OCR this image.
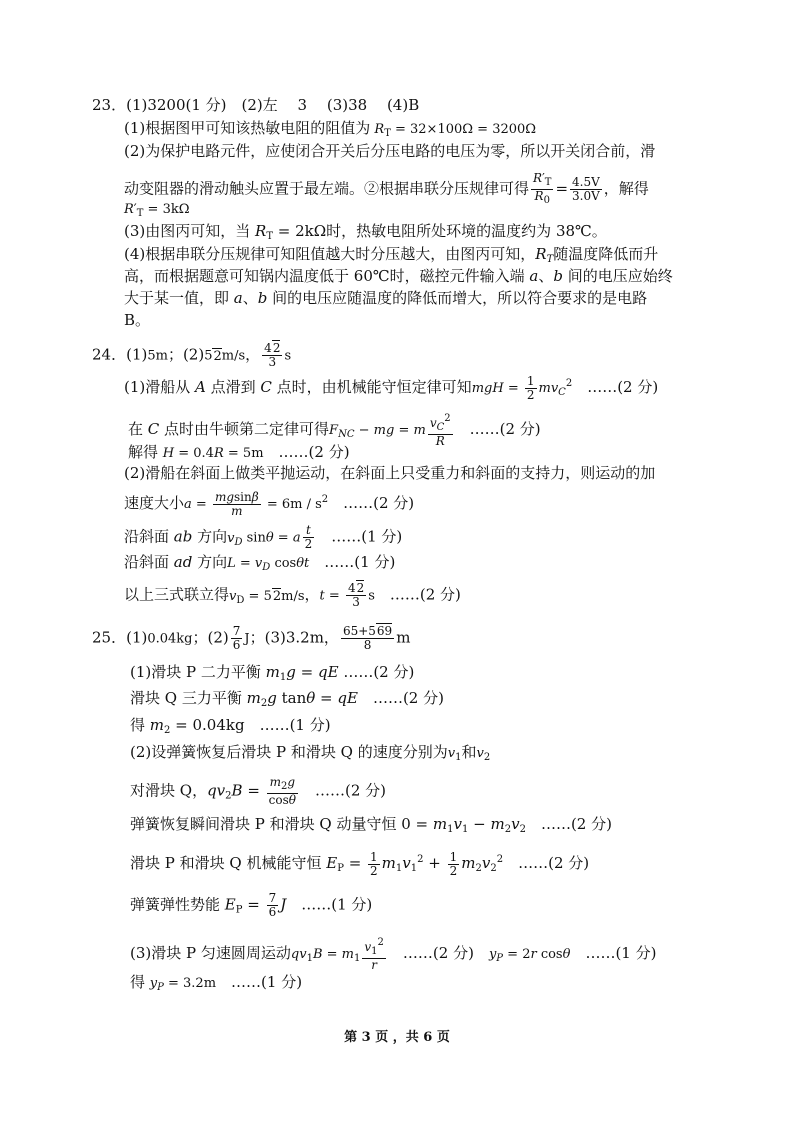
23．(1)3200(1 分)　(2)左　 3　 (3)38　 (4)B
(1)根据图甲可知该热敏电阻的阻值为 $R_T = 32\times 100\Omega = 3200\Omega$
(2)为保护电路元件，应使闭合开关后分压电路的电压为零，所以开关闭合前，滑
动变阻器的滑动触头应置于最左端。②根据串联分压规律可得 $\frac{R'_T}{R_0} = \frac{4.5V}{3.0V}$ ，解得
$R'_T = 3k\Omega$
(3)由图丙可知，当 $R_T = 2k\Omega$时，热敏电阻所处环境的温度约为 38℃。
(4)根据串联分压规律可知阻值越大时分压越大，由图丙可知，$R_T$随温度降低而升
高，而根据题意可知锅内温度低于 60℃时，磁控元件输入端 a、b 间的电压应始终
大于某一值，即 a、b 间的电压应随温度的降低而增大，所以符合要求的是电路
B。
24．(1)5m；(2)52m/s， $\frac{42}{3}$ s
(1)滑船从 A 点滑到 C 点时，由机械能守恒定律可知mgH = $\frac{1}{2} mv_C^2$　……(2 分)
在 C 点时由牛顿第二定律可得$F_{NC}$ − mg = m $\frac{v_C^2}{R}$ 　……(2 分)
解得 H = 0.4R = 5m　……(2 分)
(2)滑船在斜面上做类平抛运动，在斜面上只受重力和斜面的支持力，则运动的加
速度大小$a = \frac{mgsin\beta}{m} = 6m / s^2$　……(2 分)
沿斜面 ab 方向$v_D$ sinθ = a $\frac{t}{2}$ 　……(1 分)
沿斜面 ad 方向$L = v_D$ cosθt　……(1 分)
以上三式联立得$v_D = 52m/s$，$t = \frac{42}{3}$ s　……(2 分)
25．(1)0.04kg；$(2) \frac{7}{6}$ J；(3)3.2m， $\frac{65+569}{8}$ m
(1)滑块 P 二力平衡 $m_1g$ = qE ……(2 分)
滑块 Q 三力平衡 $m_2g$ tanθ = qE　……(2 分)
得 $m_2 = 0.04kg$　……(1 分)
(2)设弹簧恢复后滑块 P 和滑块 Q 的速度分别为$v_1$和$v_2$
对滑块 Q，$qv_2B = \frac{m_2g}{\cos\theta}$ 　……(2 分)
弹簧恢复瞬间滑块 P 和滑块 Q 动量守恒 $0 = m_1v_1 - m_2v_2$　……(2 分)
滑块 P 和滑块 Q 机械能守恒 $E_P = \frac{1}{2} m_1v_1^2 + \frac{1}{2} m_2v_2^2$　……(2 分)
弹簧弹性势能 $E_P = \frac{7}{6}$ J　……(1 分)
(3)滑块 P 匀速圆周运动$qv_1B = m_1 \frac{v_1^2}{r}$ 　……(2 分)　$y_P = 2r$ cosθ　……(1 分)
得 $y_P = 3.2m$　……(1 分)
第 3 页 ，共 6 页
